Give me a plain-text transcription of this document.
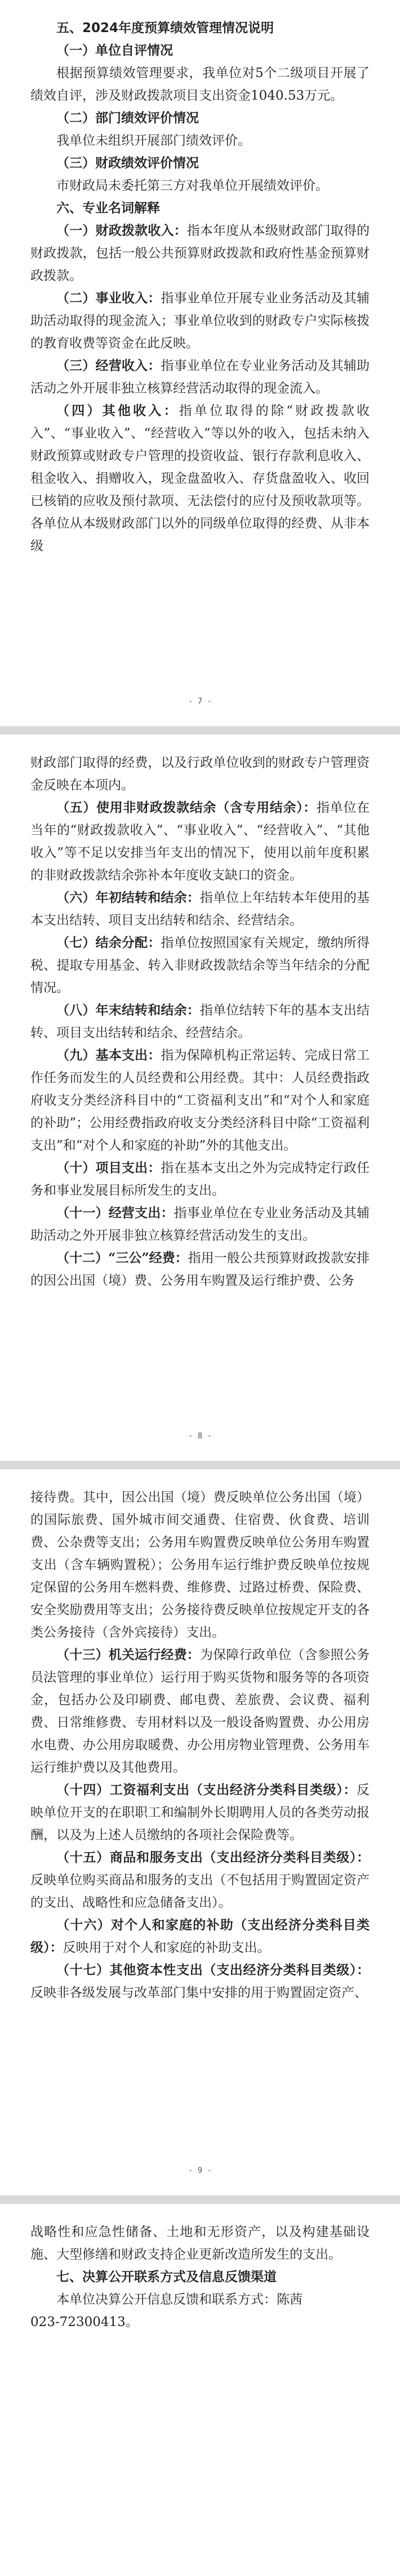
五、2024年度预算绩效管理情况说明

（一）单位自评情况

根据预算绩效管理要求，我单位对5个二级项目开展了绩效自评，涉及财政拨款项目支出资金1040.53万元。

（二）部门绩效评价情况

我单位未组织开展部门绩效评价。

（三）财政绩效评价情况

市财政局未委托第三方对我单位开展绩效评价。

六、专业名词解释

（一）财政拨款收入：指本年度从本级财政部门取得的财政拨款，包括一般公共预算财政拨款和政府性基金预算财政拨款。

（二）事业收入：指事业单位开展专业业务活动及其辅助活动取得的现金流入；事业单位收到的财政专户实际核拨的教育收费等资金在此反映。

（三）经营收入：指事业单位在专业业务活动及其辅助活动之外开展非独立核算经营活动取得的现金流入。

（四）其他收入：指单位取得的除“财政拨款收入”、“事业收入”、“经营收入”等以外的收入，包括未纳入财政预算或财政专户管理的投资收益、银行存款利息收入、租金收入、捐赠收入，现金盘盈收入、存货盘盈收入、收回已核销的应收及预付款项、无法偿付的应付及预收款项等。各单位从本级财政部门以外的同级单位取得的经费、从非本级

- 7 -

财政部门取得的经费，以及行政单位收到的财政专户管理资金反映在本项内。

（五）使用非财政拨款结余（含专用结余）：指单位在当年的“财政拨款收入”、“事业收入”、“经营收入”、“其他收入”等不足以安排当年支出的情况下，使用以前年度积累的非财政拨款结余弥补本年度收支缺口的资金。

（六）年初结转和结余：指单位上年结转本年使用的基本支出结转、项目支出结转和结余、经营结余。

（七）结余分配：指单位按照国家有关规定，缴纳所得税、提取专用基金、转入非财政拨款结余等当年结余的分配情况。

（八）年末结转和结余：指单位结转下年的基本支出结转、项目支出结转和结余、经营结余。

（九）基本支出：指为保障机构正常运转、完成日常工作任务而发生的人员经费和公用经费。其中：人员经费指政府收支分类经济科目中的“工资福利支出”和“对个人和家庭的补助”；公用经费指政府收支分类经济科目中除“工资福利支出”和“对个人和家庭的补助”外的其他支出。

（十）项目支出：指在基本支出之外为完成特定行政任务和事业发展目标所发生的支出。

（十一）经营支出：指事业单位在专业业务活动及其辅助活动之外开展非独立核算经营活动发生的支出。

（十二）“三公”经费：指用一般公共预算财政拨款安排的因公出国（境）费、公务用车购置及运行维护费、公务

- 8 -

接待费。其中，因公出国（境）费反映单位公务出国（境）的国际旅费、国外城市间交通费、住宿费、伙食费、培训费、公杂费等支出；公务用车购置费反映单位公务用车购置支出（含车辆购置税）；公务用车运行维护费反映单位按规定保留的公务用车燃料费、维修费、过路过桥费、保险费、安全奖励费用等支出；公务接待费反映单位按规定开支的各类公务接待（含外宾接待）支出。

（十三）机关运行经费：为保障行政单位（含参照公务员法管理的事业单位）运行用于购买货物和服务等的各项资金，包括办公及印刷费、邮电费、差旅费、会议费、福利费、日常维修费、专用材料以及一般设备购置费、办公用房水电费、办公用房取暖费、办公用房物业管理费、公务用车运行维护费以及其他费用。

（十四）工资福利支出（支出经济分类科目类级）：反映单位开支的在职职工和编制外长期聘用人员的各类劳动报酬，以及为上述人员缴纳的各项社会保险费等。

（十五）商品和服务支出（支出经济分类科目类级）：反映单位购买商品和服务的支出（不包括用于购置固定资产的支出、战略性和应急储备支出）。

（十六）对个人和家庭的补助（支出经济分类科目类级）：反映用于对个人和家庭的补助支出。

（十七）其他资本性支出（支出经济分类科目类级）：反映非各级发展与改革部门集中安排的用于购置固定资产、

- 9 -

战略性和应急性储备、土地和无形资产，以及构建基础设施、大型修缮和财政支持企业更新改造所发生的支出。

七、决算公开联系方式及信息反馈渠道

本单位决算公开信息反馈和联系方式：陈茜

023-72300413。
